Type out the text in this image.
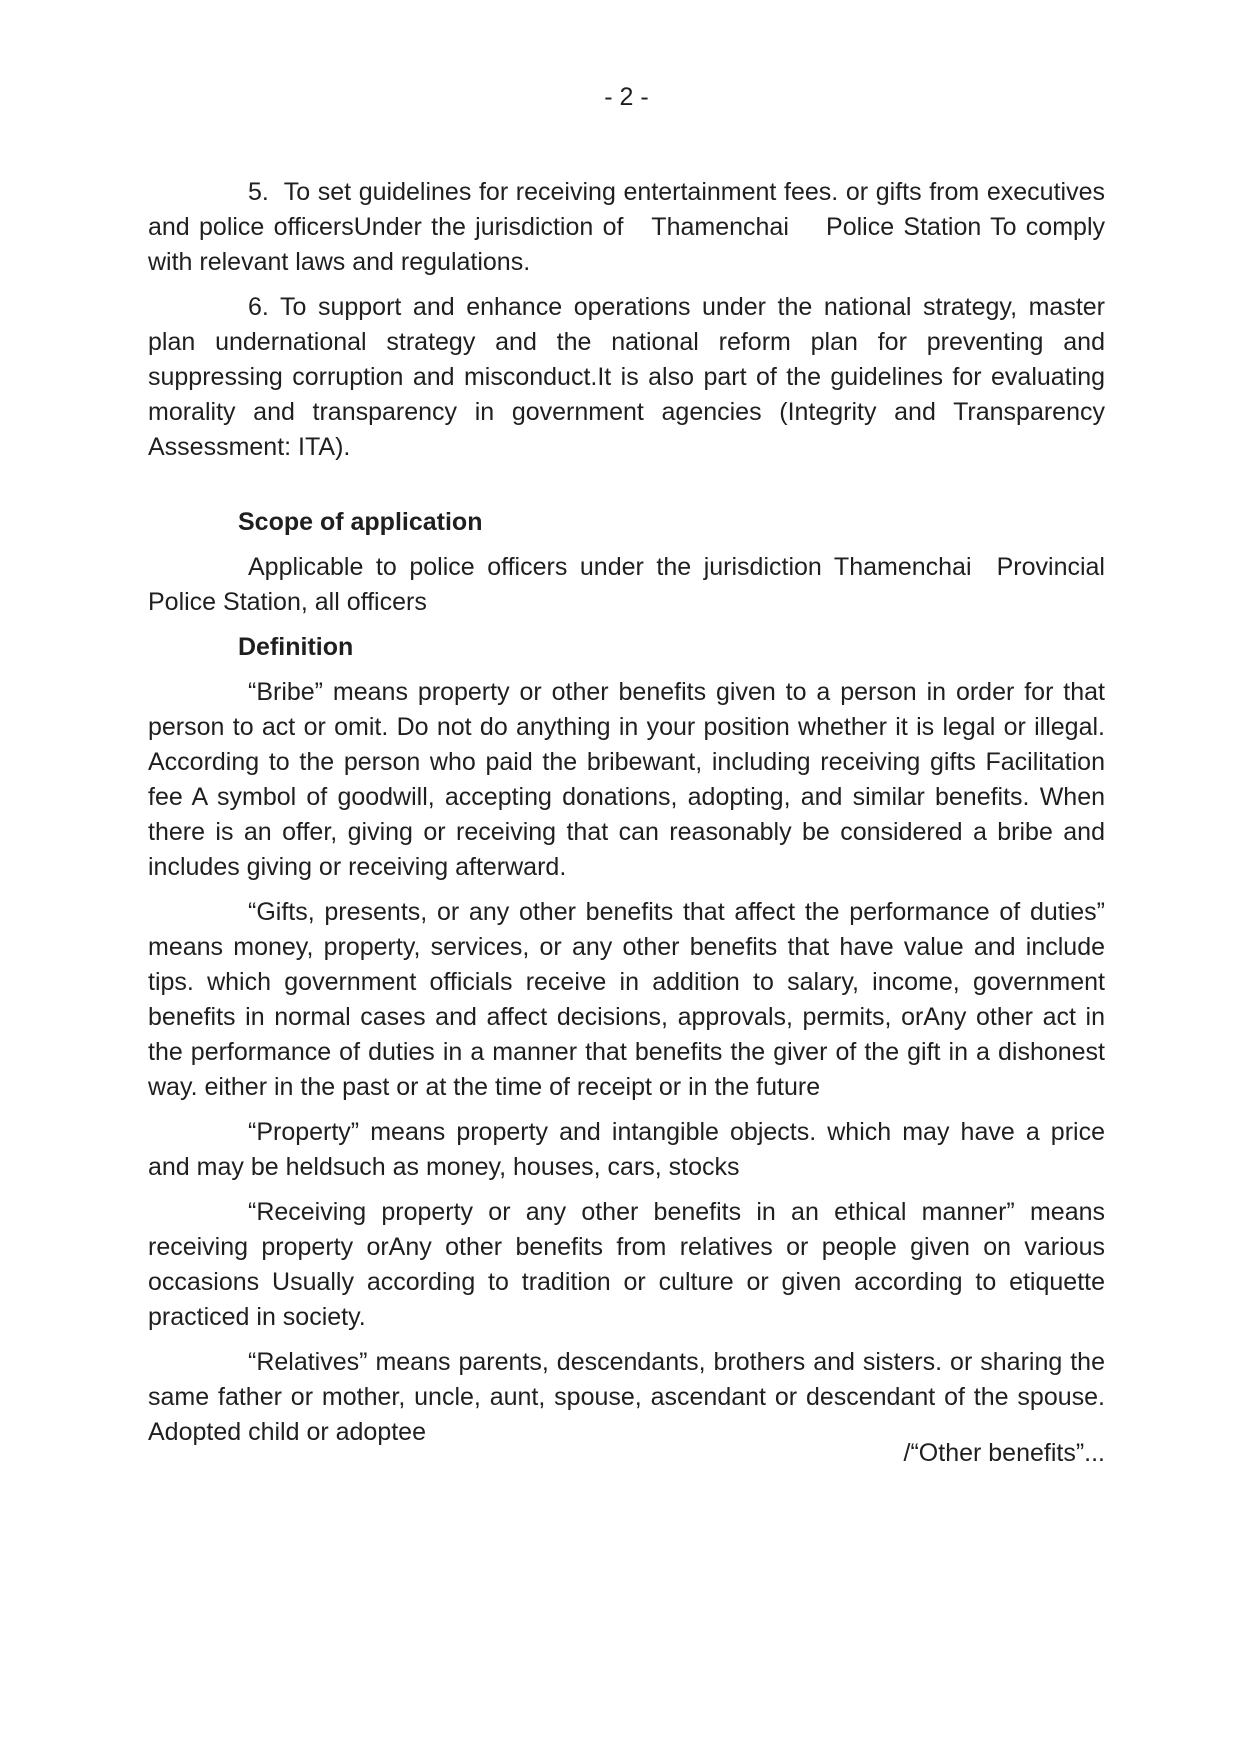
- 2 -

5.  To set guidelines for receiving entertainment fees. or gifts from executives and police officersUnder the jurisdiction of   Thamenchai    Police Station To comply with relevant laws and regulations.

6. To support and enhance operations under the national strategy, master plan undernational strategy and the national reform plan for preventing and suppressing corruption and misconduct.It is also part of the guidelines for evaluating morality and transparency in government agencies (Integrity and Transparency Assessment: ITA).

Scope of application

Applicable to police officers under the jurisdiction Thamenchai  Provincial Police Station, all officers

Definition

“Bribe” means property or other benefits given to a person in order for that person to act or omit. Do not do anything in your position whether it is legal or illegal. According to the person who paid the bribewant, including receiving gifts Facilitation fee A symbol of goodwill, accepting donations, adopting, and similar benefits. When there is an offer, giving or receiving that can reasonably be considered a bribe and includes giving or receiving afterward.

“Gifts, presents, or any other benefits that affect the performance of duties” means money, property, services, or any other benefits that have value and include tips. which government officials receive in addition to salary, income, government benefits in normal cases and affect decisions, approvals, permits, orAny other act in the performance of duties in a manner that benefits the giver of the gift in a dishonest way. either in the past or at the time of receipt or in the future

“Property” means property and intangible objects. which may have a price and may be heldsuch as money, houses, cars, stocks

“Receiving property or any other benefits in an ethical manner” means receiving property orAny other benefits from relatives or people given on various occasions Usually according to tradition or culture or given according to etiquette practiced in society.

“Relatives” means parents, descendants, brothers and sisters. or sharing the same father or mother, uncle, aunt, spouse, ascendant or descendant of the spouse. Adopted child or adoptee

/“Other benefits”...
